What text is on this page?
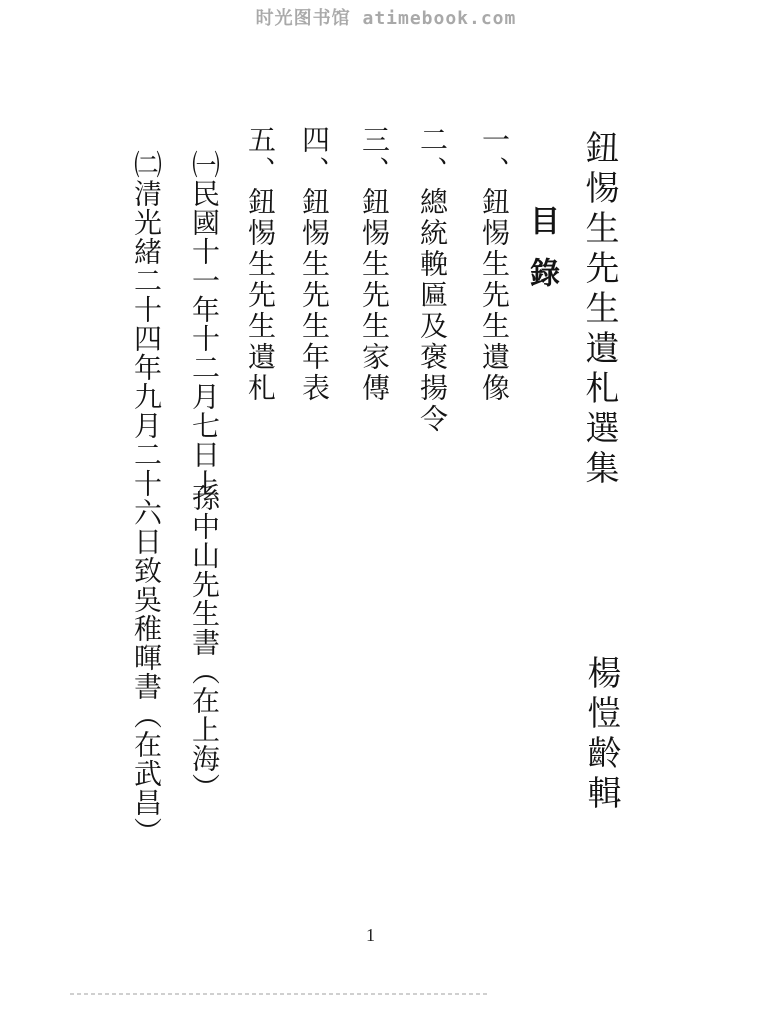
时光图书馆 atimebook.com
鈕惕生先生遺札選集
楊愷齡輯
目錄
一、鈕惕生先生遺像
二、總統輓匾及褒揚令
三、鈕惕生先生家傳
四、鈕惕生先生年表
五、鈕惕生先生遺札
㈠民國十一年十二月七日上
孫中山先生書︵在上海︶
㈡清光緒二十四年九月二十六日致吳稚暉書︵在武昌︶
1
